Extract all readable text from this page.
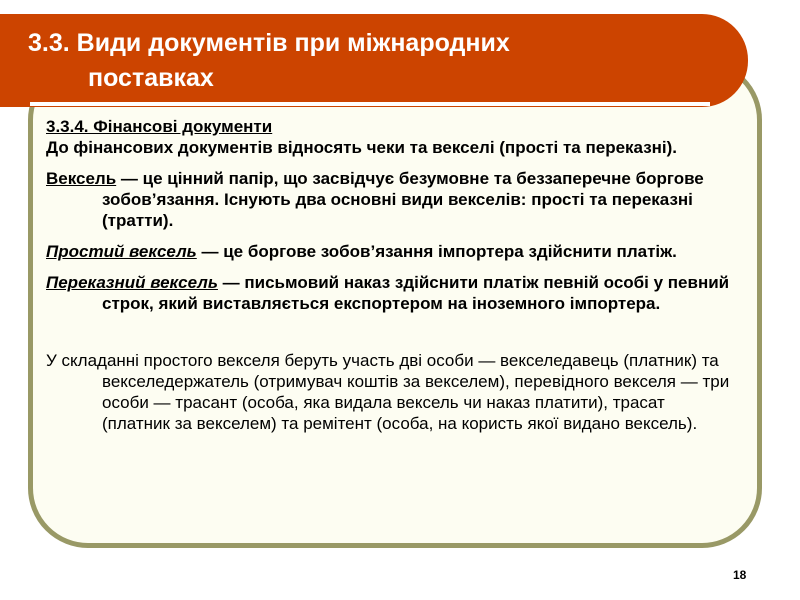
3.3. Види документів при міжнародних
поставках

3.3.4. Фінансові документи

До фінансових документів відносять чеки та векселі (прості та переказні).

Вексель — це цінний папір, що засвідчує безумовне та беззаперечне боргове зобов’язання. Існують два основні види векселів: прості та переказні (тратти).

Простий вексель — це боргове зобов’язання імпортера здійснити платіж.

Переказний вексель — письмовий наказ здійснити платіж певній особі у певний строк, який виставляється експортером на іноземного імпортера.

У складанні простого векселя беруть участь дві особи — векселедавець (платник) та векселедержатель (отримувач коштів за векселем), перевідного векселя — три особи — трасант (особа, яка видала вексель чи наказ платити), трасат (платник за векселем) та ремітент (особа, на користь якої видано вексель).

18
